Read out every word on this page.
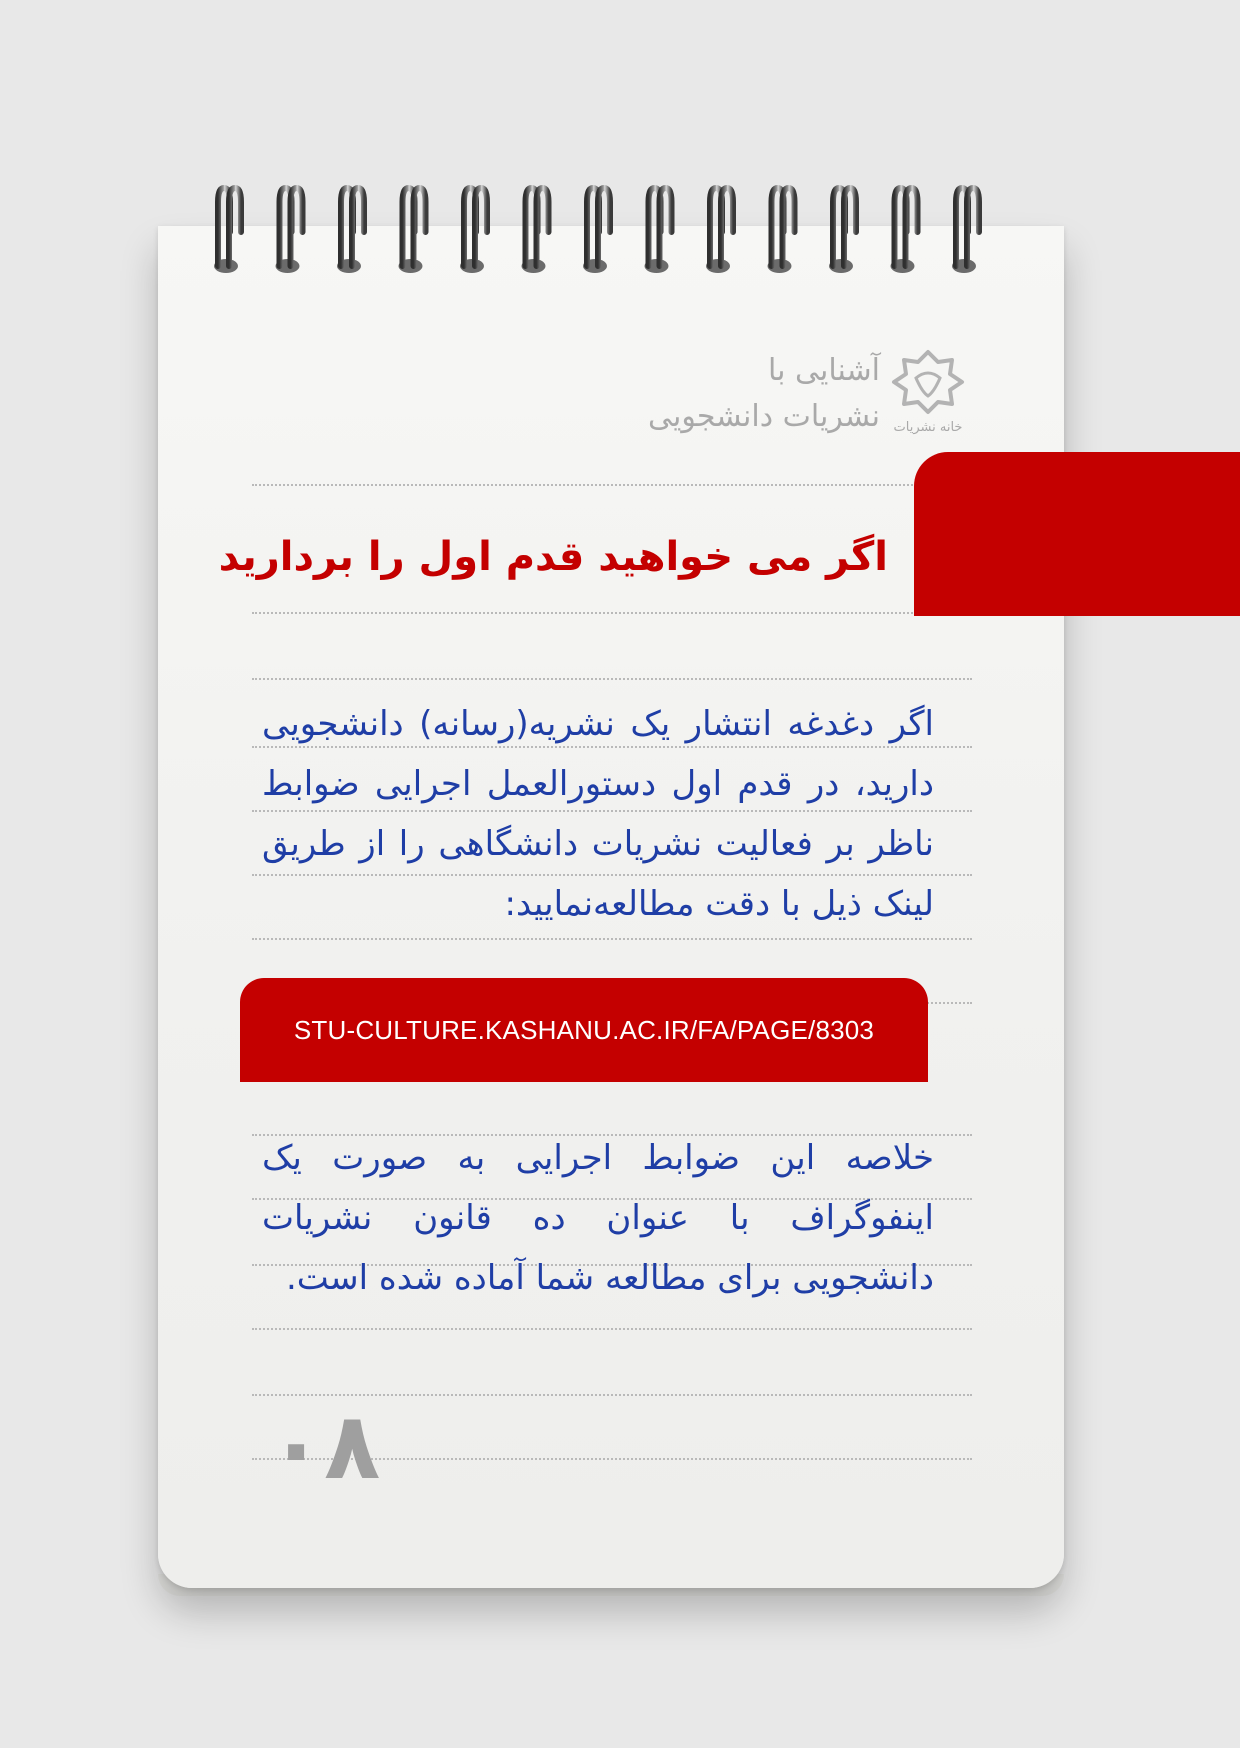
آشنایی با
نشریات دانشجویی	خانه نشریات
اگر می خواهید قدم اول را بردارید
اگر دغدغه انتشار یک نشریه(رسانه) دانشجویی دارید، در قدم اول دستورالعمل اجرایی ضوابط ناظر بر فعالیت نشریات دانشگاهی را از طریق لینک ذیل با دقت مطالعه‌نمایید:
STU-CULTURE.KASHANU.AC.IR/FA/PAGE/8303
خلاصه این ضوابط اجرایی به صورت یک اینفوگراف با عنوان ده قانون نشریات دانشجویی برای مطالعه شما آماده شده است.
۰۸
